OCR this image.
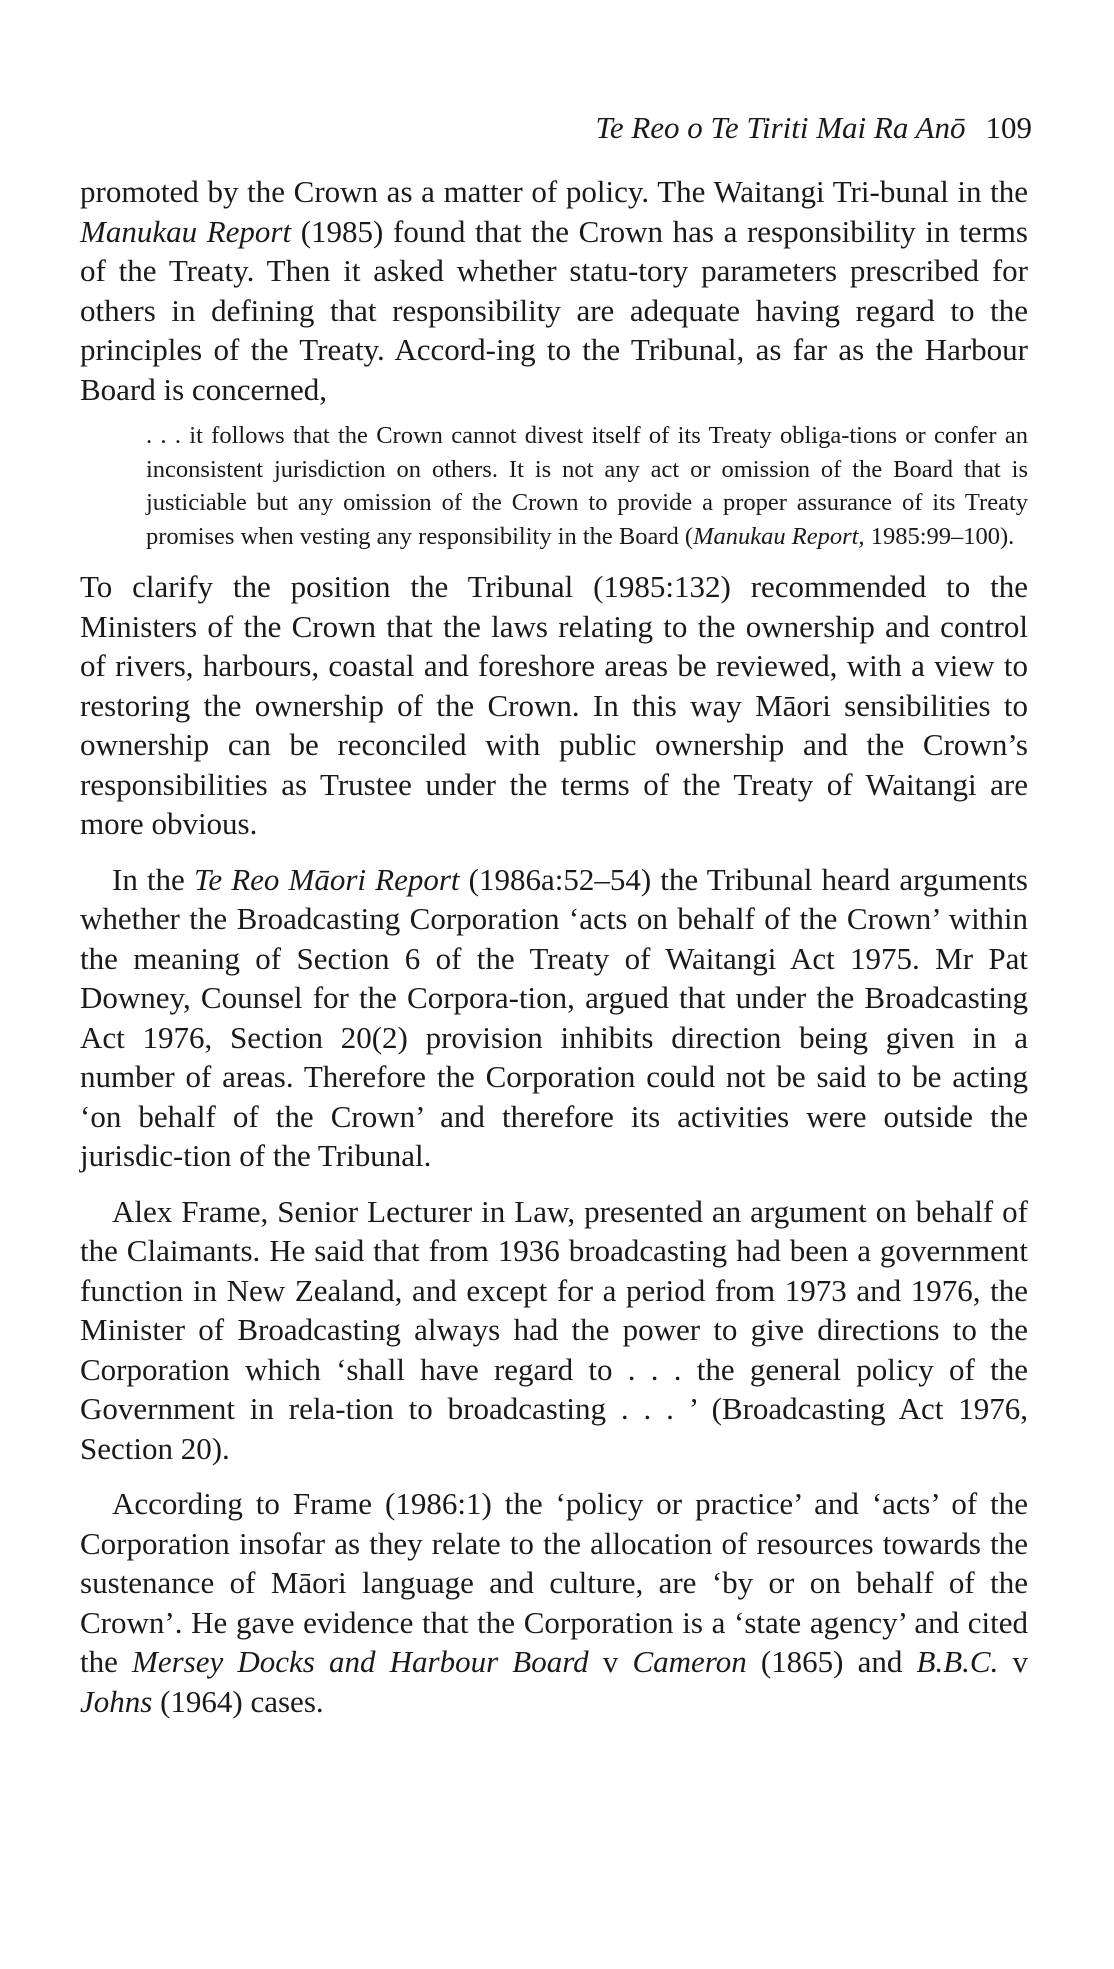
Te Reo o Te Tiriti Mai Ra Anō 109

promoted by the Crown as a matter of policy. The Waitangi Tri-bunal in the Manukau Report (1985) found that the Crown has a responsibility in terms of the Treaty. Then it asked whether statu-tory parameters prescribed for others in defining that responsibility are adequate having regard to the principles of the Treaty. Accord-ing to the Tribunal, as far as the Harbour Board is concerned,

. . . it follows that the Crown cannot divest itself of its Treaty obliga-tions or confer an inconsistent jurisdiction on others. It is not any act or omission of the Board that is justiciable but any omission of the Crown to provide a proper assurance of its Treaty promises when vesting any responsibility in the Board (Manukau Report, 1985:99–100).

To clarify the position the Tribunal (1985:132) recommended to the Ministers of the Crown that the laws relating to the ownership and control of rivers, harbours, coastal and foreshore areas be reviewed, with a view to restoring the ownership of the Crown. In this way Māori sensibilities to ownership can be reconciled with public ownership and the Crown’s responsibilities as Trustee under the terms of the Treaty of Waitangi are more obvious.

In the Te Reo Māori Report (1986a:52–54) the Tribunal heard arguments whether the Broadcasting Corporation ‘acts on behalf of the Crown’ within the meaning of Section 6 of the Treaty of Waitangi Act 1975. Mr Pat Downey, Counsel for the Corpora-tion, argued that under the Broadcasting Act 1976, Section 20(2) provision inhibits direction being given in a number of areas. Therefore the Corporation could not be said to be acting ‘on behalf of the Crown’ and therefore its activities were outside the jurisdic-tion of the Tribunal.

Alex Frame, Senior Lecturer in Law, presented an argument on behalf of the Claimants. He said that from 1936 broadcasting had been a government function in New Zealand, and except for a period from 1973 and 1976, the Minister of Broadcasting always had the power to give directions to the Corporation which ‘shall have regard to . . . the general policy of the Government in rela-tion to broadcasting . . . ’ (Broadcasting Act 1976, Section 20).

According to Frame (1986:1) the ‘policy or practice’ and ‘acts’ of the Corporation insofar as they relate to the allocation of resources towards the sustenance of Māori language and culture, are ‘by or on behalf of the Crown’. He gave evidence that the Corporation is a ‘state agency’ and cited the Mersey Docks and Harbour Board v Cameron (1865) and B.B.C. v Johns (1964) cases.
